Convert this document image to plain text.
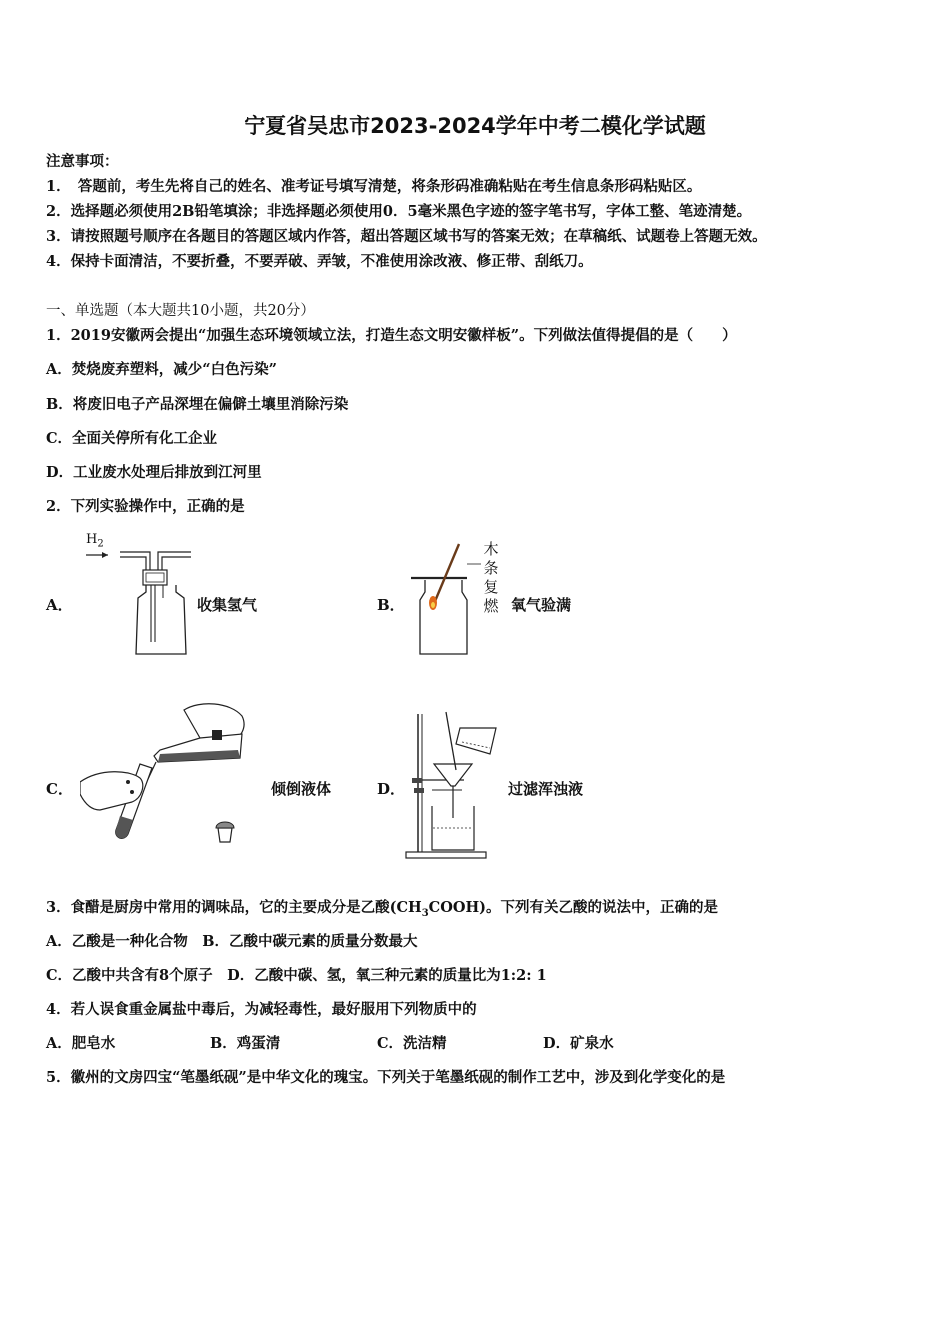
宁夏省吴忠市2023-2024学年中考二模化学试题
注意事项：
1．　答题前，考生先将自己的姓名、准考证号填写清楚，将条形码准确粘贴在考生信息条形码粘贴区。
2．选择题必须使用2B铅笔填涂；非选择题必须使用0．5毫米黑色字迹的签字笔书写，字体工整、笔迹清楚。
3．请按照题号顺序在各题目的答题区域内作答，超出答题区域书写的答案无效；在草稿纸、试题卷上答题无效。
4．保持卡面清洁，不要折叠，不要弄破、弄皱，不准使用涂改液、修正带、刮纸刀。
一、单选题（本大题共10小题，共20分）
1．2019安徽两会提出“加强生态环境领域立法，打造生态文明安徽样板”。下列做法值得提倡的是（　　）
A．焚烧废弃塑料，减少“白色污染”
B．将废旧电子产品深埋在偏僻土壤里消除污染
C．全面关停所有化工企业
D．工业废水处理后排放到江河里
2．下列实验操作中，正确的是
A．	收集氢气
$H_2$
B．	氧气验满
木
条
复
燃
C．	倾倒液体	D．	过滤浑浊液
3．食醋是厨房中常用的调味品，它的主要成分是乙酸$(CH_3COOH)$。下列有关乙酸的说法中，正确的是
A．乙酸是一种化合物　B．乙酸中碳元素的质量分数最大
C．乙酸中共含有8个原子　D．乙酸中碳、氢，氧三种元素的质量比为1:2: 1
4．若人误食重金属盐中毒后，为减轻毒性，最好服用下列物质中的
A．肥皂水	B．鸡蛋清	C．洗洁精	D．矿泉水
5．徽州的文房四宝“笔墨纸砚”是中华文化的瑰宝。下列关于笔墨纸砚的制作工艺中，涉及到化学变化的是
